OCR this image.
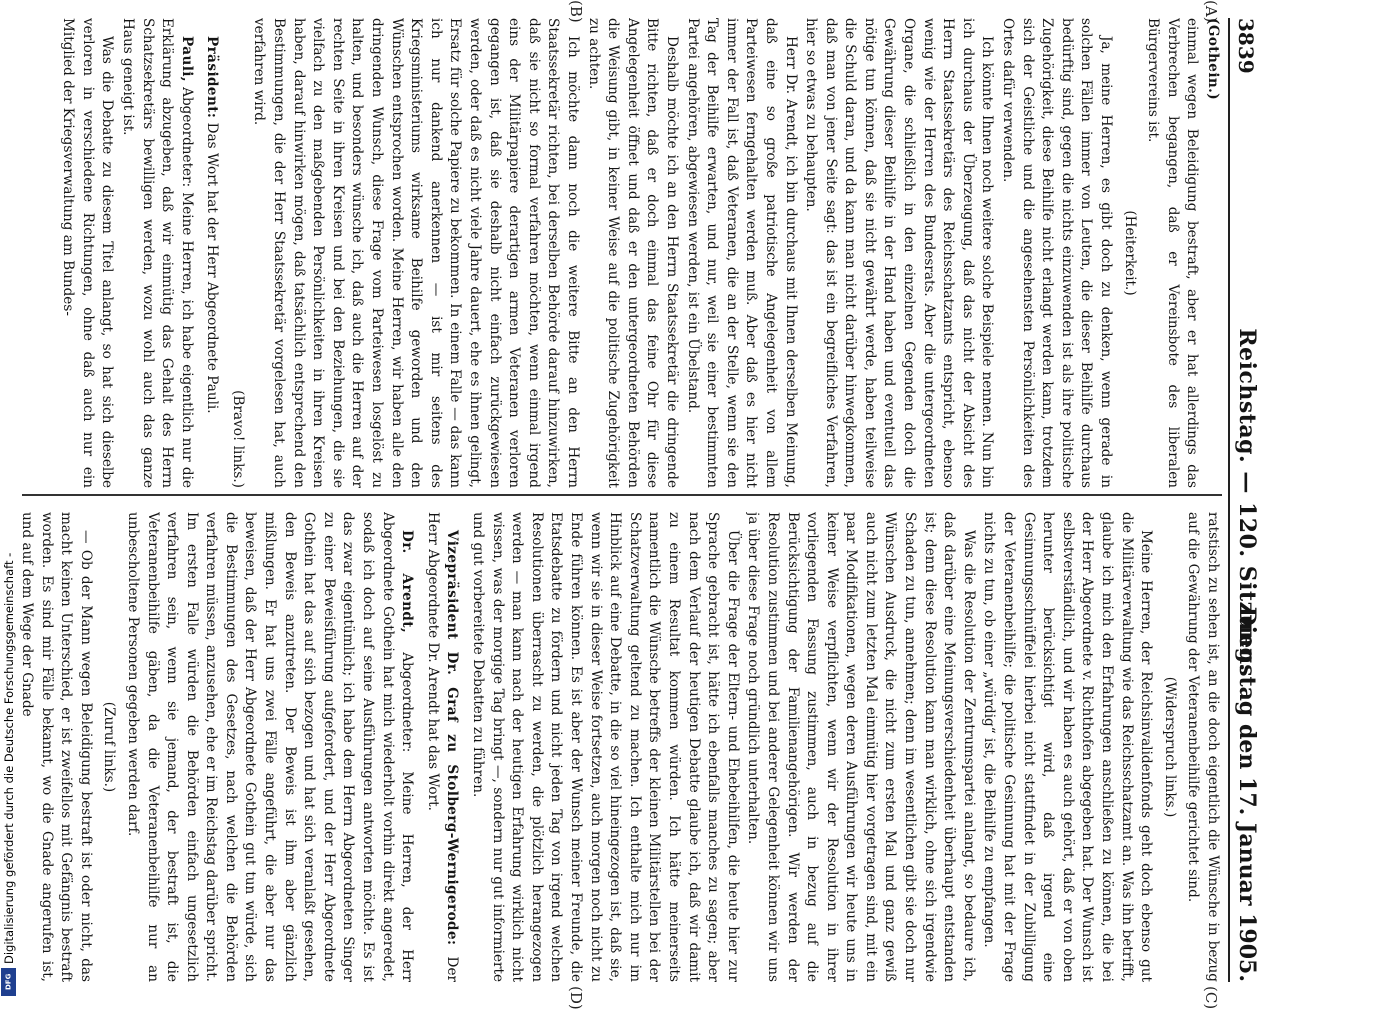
3839
Reichstag. — 120. Sitzung.
Dienstag den 17. Januar 1905.
(A)
(B)
(C)
(D)

(Gothein.)

einmal wegen Beleidigung bestraft, aber er hat allerdings das Verbrechen begangen, daß er Vereinsbote des liberalen Bürgervereins ist.

(Heiterkeit.)

Ja, meine Herren, es gibt doch zu denken, wenn gerade in solchen Fällen immer von Leuten, die dieser Beihilfe durchaus bedürftig sind, gegen die nichts einzuwenden ist als ihre politische Zugehörigkeit, diese Beihilfe nicht erlangt werden kann, trotzdem sich der Geistliche und die angesehensten Persönlichkeiten des Ortes dafür verwenden.

Ich könnte Ihnen noch weitere solche Beispiele nennen. Nun bin ich durchaus der Überzeugung, daß das nicht der Absicht des Herrn Staatssekretärs des Reichsschatzamts entspricht, ebenso wenig wie der Herren des Bundesrats. Aber die untergeordneten Organe, die schließlich in den einzelnen Gegenden doch die Gewährung dieser Beihilfe in der Hand haben und eventuell das nötige tun können, daß sie nicht gewährt werde, haben teilweise die Schuld daran, und da kann man nicht darüber hinwegkommen, daß man von jener Seite sagt: das ist ein begreifliches Verfahren, hier so etwas zu behaupten.

Herr Dr. Arendt, ich bin durchaus mit Ihnen derselben Meinung, daß eine so große patriotische Angelegenheit von allem Parteiwesen ferngehalten werden muß. Aber daß es hier nicht immer der Fall ist, daß Veteranen, die an der Stelle, wenn sie den Tag der Beihilfe erwarten, und nur, weil sie einer bestimmten Partei angehören, abgewiesen werden, ist ein Übelstand.

Deshalb möchte ich an den Herrn Staatssekretär die dringende Bitte richten, daß er doch einmal das feine Ohr für diese Angelegenheit öffnet und daß er den untergeordneten Behörden die Weisung gibt, in keiner Weise auf die politische Zugehörigkeit zu achten.

Ich möchte dann noch die weitere Bitte an den Herrn Staatssekretär richten, bei derselben Behörde darauf hinzuwirken, daß sie nicht so formal verfahren möchten, wenn einmal irgend eins der Militärpapiere derartigen armen Veteranen verloren gegangen ist, daß sie deshalb nicht einfach zurückgewiesen werden, oder daß es nicht viele Jahre dauert, ehe es ihnen gelingt, Ersatz für solche Papiere zu bekommen. In einem Falle — das kann ich nur dankend anerkennen — ist mir seitens des Kriegsministeriums wirksame Beihilfe geworden und den Wünschen entsprochen worden. Meine Herren, wir haben alle den dringenden Wunsch, diese Frage vom Parteiwesen losgelöst zu halten, und besonders wünsche ich, daß auch die Herren auf der rechten Seite in ihren Kreisen und bei den Beziehungen, die sie vielfach zu den maßgebenden Persönlichkeiten in ihren Kreisen haben, darauf hinwirken mögen, daß tatsächlich entsprechend den Bestimmungen, die der Herr Staatssekretär vorgelesen hat, auch verfahren wird.

(Bravo! links.)

Präsident: Das Wort hat der Herr Abgeordnete Pauli.

Pauli, Abgeordneter: Meine Herren, ich habe eigentlich nur die Erklärung abzugeben, daß wir einmütig das Gehalt des Herrn Schatzsekretärs bewilligen werden, wozu wohl auch das ganze Haus geneigt ist.

Was die Debatte zu diesem Titel anlangt, so hat sich dieselbe verloren in verschiedene Richtungen, ohne daß auch nur ein Mitglied der Kriegsverwaltung am Bundes-

ratstisch zu sehen ist, an die doch eigentlich die Wünsche in bezug auf die Gewährung der Veteranenbeihilfe gerichtet sind.

(Widerspruch links.)

Meine Herren, der Reichsinvalidenfonds geht doch ebenso gut die Militärverwaltung wie das Reichsschatzamt an. Was ihn betrifft, glaube ich mich den Erfahrungen anschließen zu können, die bei der Herr Abgeordnete v. Richthofen abgegeben hat. Der Wunsch ist selbstverständlich, und wir haben es auch gehört, daß er von oben herunter berücksichtigt wird, daß irgend eine Gesinnungsschnüffelei hierbei nicht stattfindet in der Zubilligung der Veteranenbeihilfe; die politische Gesinnung hat mit der Frage nichts zu tun, ob einer „würdig“ ist, die Beihilfe zu empfangen.

Was die Resolution der Zentrumspartei anlangt, so bedaure ich, daß darüber eine Meinungsverschiedenheit überhaupt entstanden ist; denn diese Resolution kann man wirklich, ohne sich irgendwie Schaden zu tun, annehmen; denn im wesentlichen gibt sie doch nur Wünschen Ausdruck, die nicht zum ersten Mal und ganz gewiß auch nicht zum letzten Mal einmütig hier vorgetragen sind, mit ein paar Modifikationen, wegen deren Ausführungen wir heute uns in keiner Weise verpflichten, wenn wir der Resolution in ihrer vorliegenden Fassung zustimmen, auch in bezug auf die Berücksichtigung der Familienangehörigen. Wir werden der Resolution zustimmen und bei anderer Gelegenheit können wir uns ja über diese Frage noch gründlich unterhalten.

Über die Frage der Eltern- und Ehebeihilfen, die heute hier zur Sprache gebracht ist, hätte ich ebenfalls manches zu sagen; aber nach dem Verlauf der heutigen Debatte glaube ich, daß wir damit zu einem Resultat kommen würden. Ich hätte meinerseits namentlich die Wünsche betreffs der kleinen Militärstellen bei der Schatzverwaltung geltend zu machen. Ich enthalte mich nur im Hinblick auf eine Debatte, in die so viel hineingezogen ist, daß sie, wenn wir sie in dieser Weise fortsetzen, auch morgen noch nicht zu Ende führen können. Es ist aber der Wunsch meiner Freunde, die Etatsdebatte zu fördern und nicht jeden Tag von irgend welchen Resolutionen überrascht zu werden, die plötzlich herangezogen werden — man kann nach der heutigen Erfahrung wirklich nicht wissen, was der morgige Tag bringt —, sondern nur gut informierte und gut vorbereitete Debatten zu führen.

Vizepräsident Dr. Graf zu Stolberg-Wernigerode: Der Herr Abgeordnete Dr. Arendt hat das Wort.

Dr. Arendt, Abgeordneter: Meine Herren, der Herr Abgeordnete Gothein hat mich wiederholt vorhin direkt angeredet, sodaß ich doch auf seine Ausführungen antworten möchte. Es ist das zwar eigentümlich; ich habe dem Herrn Abgeordneten Singer zu einer Beweisführung aufgefordert, und der Herr Abgeordnete Gothein hat das auf sich bezogen und hat sich veranlaßt gesehen, den Beweis anzutreten. Der Beweis ist ihm aber gänzlich mißlungen. Er hat uns zwei Fälle angeführt, die aber nur das beweisen, daß der Herr Abgeordnete Gothein gut tun würde, sich die Bestimmungen des Gesetzes, nach welchen die Behörden verfahren müssen, anzusehen, ehe er im Reichstag darüber spricht. Im ersten Falle würden die Behörden einfach ungesetzlich verfahren sein, wenn sie jemand, der bestraft ist, die Veteranenbeihilfe gäben, da die Veteranenbeihilfe nur an unbescholtene Personen gegeben werden darf.

(Zuruf links.)

— Ob der Mann wegen Beleidigung bestraft ist oder nicht, das macht keinen Unterschied, er ist zweifellos mit Gefängnis bestraft worden. Es sind mir Fälle bekannt, wo die Gnade angerufen ist, und auf dem Wege der Gnade

Digitalisierung gefördert durch die Deutsche Forschungsgemeinschaft -
DFG
